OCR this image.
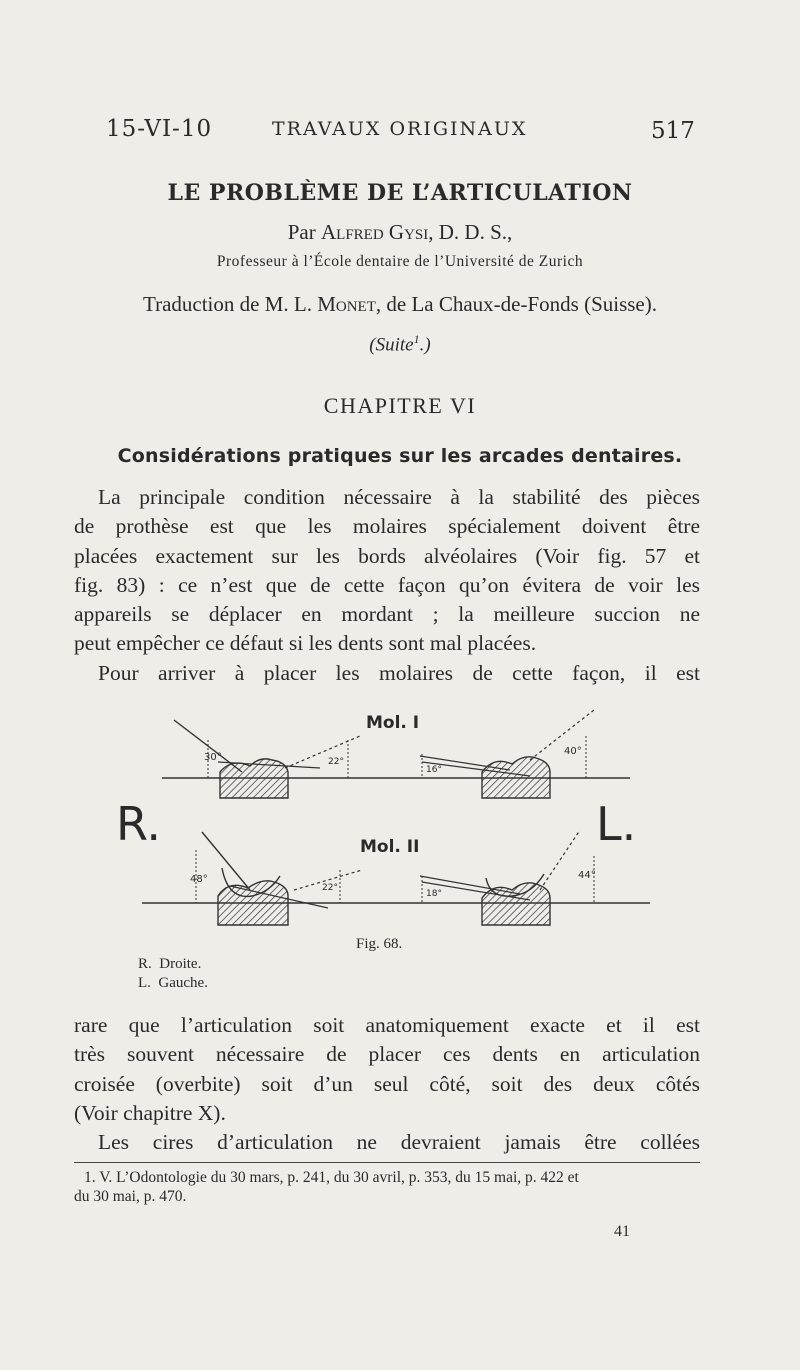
15-VI-10	TRAVAUX ORIGINAUX	517
LE PROBLÈME DE L’ARTICULATION
Par Alfred Gysi, D. D. S.,
Professeur à l’École dentaire de l’Université de Zurich
Traduction de M. L. Monet, de La Chaux-de-Fonds (Suisse).
(Suite$^1$.)
CHAPITRE VI
Considérations pratiques sur les arcades dentaires.
La principale condition nécessaire à la stabilité des pièces
de prothèse est que les molaires spécialement doivent être
placées exactement sur les bords alvéolaires (Voir fig. 57 et
fig. 83) : ce n’est que de cette façon qu’on évitera de voir les
appareils se déplacer en mordant ; la meilleure succion ne
peut empêcher ce défaut si les dents sont mal placées.
Pour arriver à placer les molaires de cette façon, il est
30°	22°
16°
40°
Mol. I
48°
22°
18°
44°
Mol. II
R.	L.
Fig. 68.
R.  Droite.
L.  Gauche.
rare que l’articulation soit anatomiquement exacte et il est
très souvent nécessaire de placer ces dents en articulation
croisée (overbite) soit d’un seul côté, soit des deux côtés
(Voir chapitre X).
Les cires d’articulation ne devraient jamais être collées
1. V. L’Odontologie du 30 mars, p. 241, du 30 avril, p. 353, du 15 mai, p. 422 et
du 30 mai, p. 470.
41
